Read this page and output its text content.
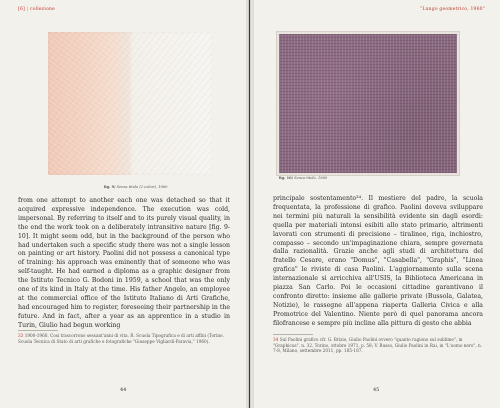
[6] | collezione
fig. 9/ Senza titolo (2 colori), 1960

from one attempt to another each one was detached so that it acquired expressive independence. The execution was cold, impersonal. By referring to itself and to its purely visual quality, in the end the work took on a deliberately intransitive nature [fig. 9-10]. It might seem odd, but in the background of the person who had undertaken such a specific study there was not a single lesson on painting or art history. Paolini did not possess a canonical type of training: his approach was eminently that of someone who was self-taught. He had earned a diploma as a graphic designer from the Istituto Tecnico G. Bodoni in 1959, a school that was the only one of its kind in Italy at the time. His father Angelo, an employee at the commercial office of the Istituto Italiano di Arti Grafiche, had encouraged him to register, foreseeing their partnership in the future. And in fact, after a year as an apprentice in a studio in Turin, Giulio had begun working

33 1900-1960. Cosi trascorrono sessant'anni di vita. R. Scuola Tipografica e di arti affini (Torino. Scuola Tecnica di Stato di arti grafiche e fotografiche "Giuseppe Vigliardi-Paravia," 1960).
44
"Lungo geometrico, 1960"
fig. 10/ Senza titolo, 1960

principale sostentamento³⁴. Il mestiere del padre, la scuola frequentata, la professione di grafico. Paolini doveva sviluppare nei termini più naturali la sensibilità evidente sin dagli esordi: quella per materiali intonsi esibiti allo stato primario, altrimenti lavorati con strumenti di precisione – tiralinee, riga, inchiostro, compasso – secondo un'impaginazione chiara, sempre governata dalla razionalità. Grazie anche agli studi di architettura del fratello Cesare, erano "Domus", "Casabella", "Graphis", "Linea grafica" le riviste di casa Paolini. L'aggiornamento sulla scena internazionale si arricchiva all'USIS, la Biblioteca Americana in piazza San Carlo. Poi le occasioni cittadine garantivano il confronto diretto: insieme alle gallerie private (Bussola, Galatea, Notizie), le rassegne all'appena riaperta Galleria Civica e alla Promotrice del Valentino. Niente però di quel panorama ancora filofrancese e sempre più incline alla pittura di gesto che abbia

34 Sul Paolini grafico cfr. G. Brizio, Giulio Paolini ovvero "quanto ragiono sul sublime", in "Graphicus", n. 32, Torino, ottobre 1971, p. 58; V. Russo, Giulio Paolini in Rai, in "L'uomo nero", n. 7-8, Milano, settembre 2011, pp. 185-187.
45
